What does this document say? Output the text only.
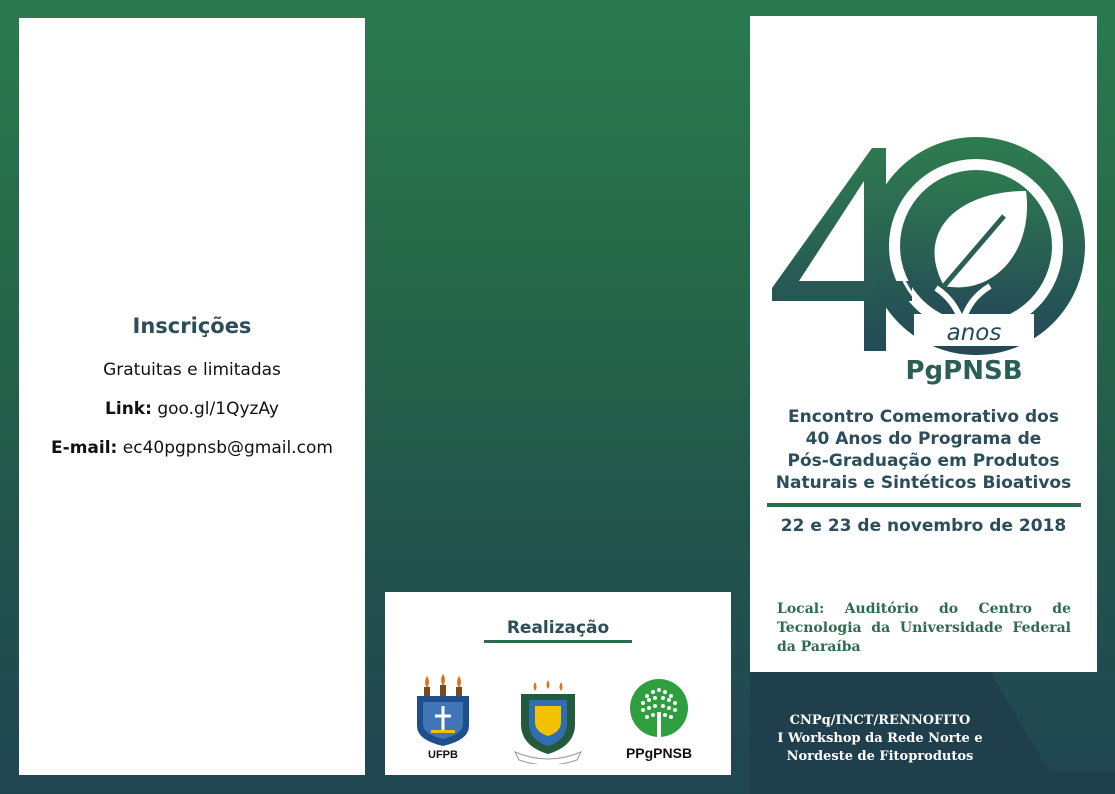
Inscrições
Gratuitas e limitadas
Link: goo.gl/1QyzAy
E-mail: ec40pgpnsb@gmail.com
Realização
UFPB	PPgPNSB
anos
PgPNSB
Encontro Comemorativo dos
40 Anos do Programa de
Pós-Graduação em Produtos
Naturais e Sintéticos Bioativos
22 e 23 de novembro de 2018
Local: Auditório do Centro de Tecnologia da Universidade Federal da Paraíba
CNPq/INCT/RENNOFITO
I Workshop da Rede Norte e
Nordeste de Fitoprodutos
